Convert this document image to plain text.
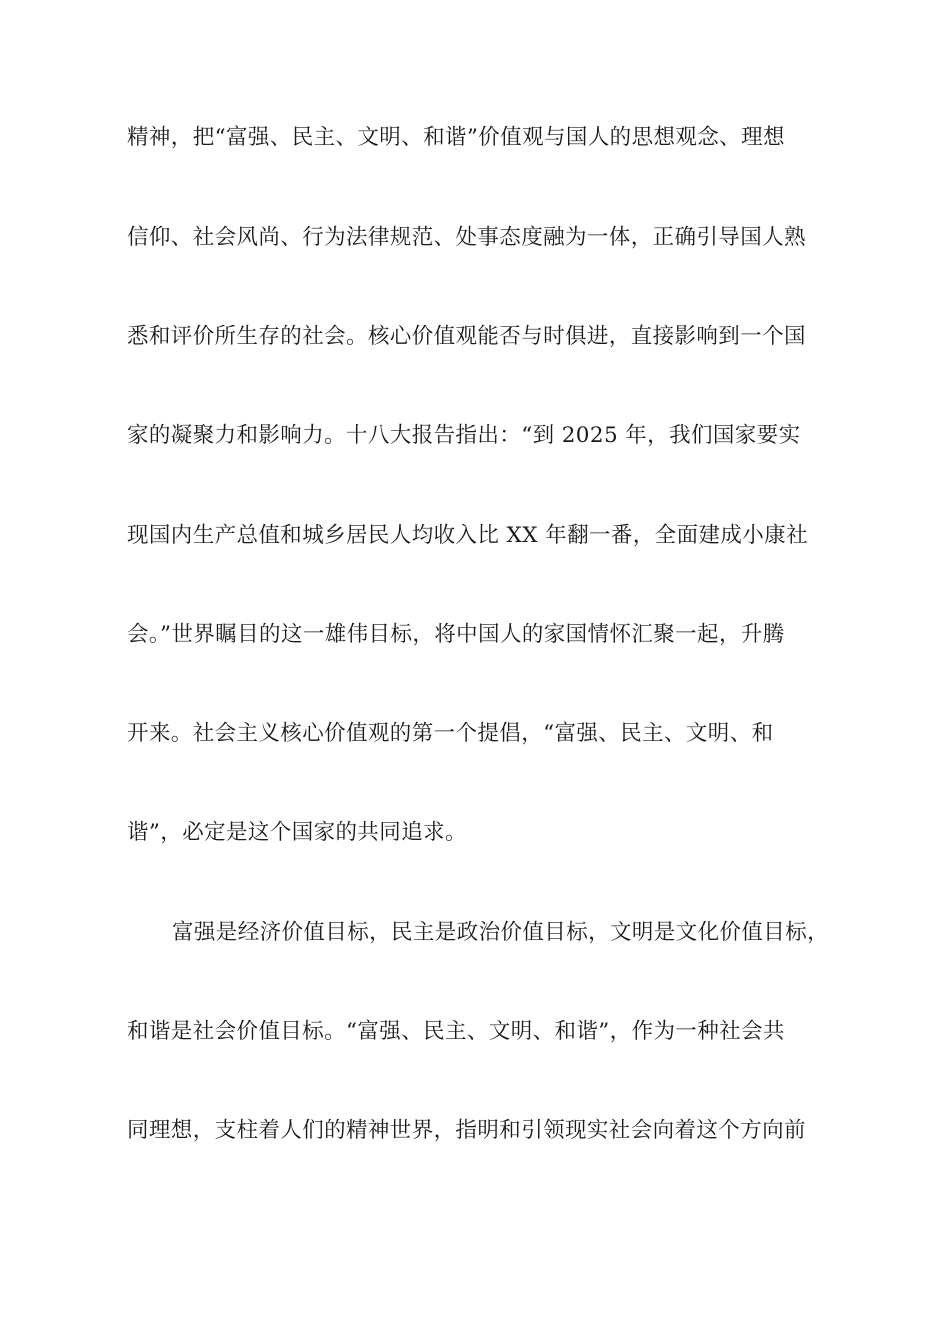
精神，把“富强、民主、文明、和谐”价值观与国人的思想观念、理想
信仰、社会风尚、行为法律规范、处事态度融为一体，正确引导国人熟
悉和评价所生存的社会。核心价值观能否与时俱进，直接影响到一个国
家的凝聚力和影响力。十八大报告指出：“到 2025 年，我们国家要实
现国内生产总值和城乡居民人均收入比 XX 年翻一番，全面建成小康社
会。”世界瞩目的这一雄伟目标，将中国人的家国情怀汇聚一起，升腾
开来。社会主义核心价值观的第一个提倡，“富强、民主、文明、和
谐”，必定是这个国家的共同追求。
富强是经济价值目标，民主是政治价值目标，文明是文化价值目标，
和谐是社会价值目标。“富强、民主、文明、和谐”，作为一种社会共
同理想，支柱着人们的精神世界，指明和引领现实社会向着这个方向前
